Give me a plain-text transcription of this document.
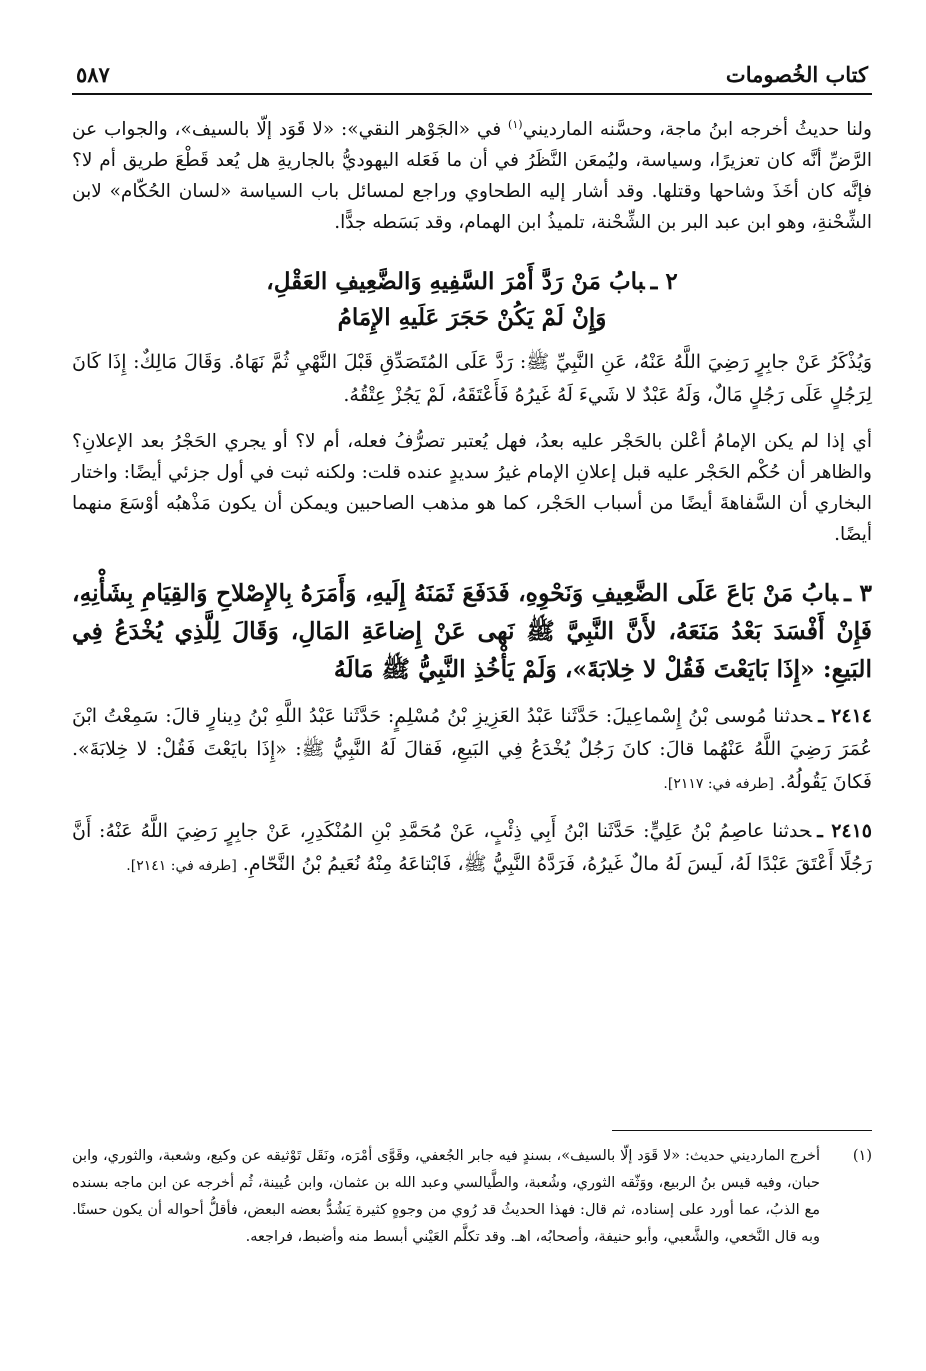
كتاب الخُصومات
٥٨٧

ولنا حديثُ أخرجه ابنُ ماجة، وحسَّنه المارديني$^{(١)}$ في «الجَوْهر النقي»: «لا قَوَد إلّا بالسيف»، والجواب عن الرَّضِّ أنَّه كان تعزيرًا، وسياسة، وليُمعَن النَّظَرُ في أن ما فَعَله اليهوديُّ بالجاريةِ هل يُعد قَطْعَ طريق أم لا؟ فإنَّه كان أخَذَ وشاحها وقتلها. وقد أشار إليه الطحاوي وراجع لمسائل باب السياسة «لسان الحُكّام» لابن الشِّحْنةِ، وهو ابن عبد البر بن الشِّحْنة، تلميذُ ابن الهمام، وقد بَسَطه جدًّا.

٢ ـبابُ مَنْ رَدَّ أَمْرَ السَّفِيهِ وَالضَّعِيفِ العَقْلِ،
وَإِنْ لَمْ يَكُنْ حَجَرَ عَلَيهِ الإِمَامُ

وَيُذْكَرُ عَنْ جابِرٍ رَضِيَ اللَّهُ عَنْهُ، عَنِ النَّبِيِّ ﷺ: رَدَّ عَلَى المُتَصَدِّقِ قَبْلَ النَّهْيِ ثُمَّ نَهَاهُ. وَقَالَ مَالِكٌ: إِذَا كَانَ لِرَجُلٍ عَلَى رَجُلٍ مَالٌ، وَلَهُ عَبْدٌ لا شَيءَ لَهُ غَيرُهُ فَأَعْتَقَهُ، لَمْ يَجُزْ عِتْقُهُ.

أي إذا لم يكن الإمامُ أعْلن بالحَجْر عليه بعدُ، فهل يُعتبر تصرُّفُ فعله، أم لا؟ أو يجري الحَجْرُ بعد الإعلانِ؟ والظاهر أن حُكْم الحَجْر عليه قبل إعلانِ الإمام غيرُ سديدٍ عنده قلت: ولكنه ثبت في أول جزئي أيضًا: واختار البخاري أن السَّفاهةَ أيضًا من أسباب الحَجْر، كما هو مذهب الصاحبين ويمكن أن يكون مَذْهبُه أوْسَعَ منهما أيضًا.

٣ ـبابُ مَنْ بَاعَ عَلَى الضَّعِيفِ وَنَحْوِهِ، فَدَفَعَ ثَمَنَهُ إِلَيهِ، وَأَمَرَهُ بِالإِصْلاحِ وَالقِيَامِ بِشَأْنِهِ، فَإِنْ أَفْسَدَ بَعْدُ مَنَعَهُ، لأَنَّ النَّبِيَّ ﷺ نَهى عَنْ إِضاعَةِ المَالِ، وَقَالَ لِلَّذِي يُخْدَعُ فِي البَيعِ: «إِذَا بَايَعْتَ فَقُلْ لا خِلابَةَ»، وَلَمْ يَأْخُذِ النَّبِيُّ ﷺ مَالَهُ

٢٤١٤ ـحدثنا مُوسى بْنُ إِسْماعِيلَ: حَدَّثَنا عَبْدُ العَزِيزِ بْنُ مُسْلِمٍ: حَدَّثَنا عَبْدُ اللَّهِ بْنُ دِينارٍ قالَ: سَمِعْتُ ابْنَ عُمَرَ رَضِيَ اللَّهُ عَنْهُما قالَ: كانَ رَجُلٌ يُخْدَعُ فِي البَيعِ، فَقالَ لَهُ النَّبِيُّ ﷺ: «إِذَا بايَعْتَ فَقُلْ: لا خِلابَةَ». فَكانَ يَقُولُهُ.[طرفه في: ٢١١٧].

٢٤١٥ ـحدثنا عاصِمُ بْنُ عَلِيٍّ: حَدَّثَنا ابْنُ أَبِي ذِئْبٍ، عَنْ مُحَمَّدِ بْنِ المُنْكَدِرِ، عَنْ جابِرٍ رَضِيَ اللَّهُ عَنْهُ: أَنَّ رَجُلًا أَعْتَقَ عَبْدًا لَهُ، لَيسَ لَهُ مالٌ غَيرُهُ، فَرَدَّهُ النَّبِيُّ ﷺ، فَابْتاعَهُ مِنْهُ نُعَيمُ بْنُ النَّحّامِ.[طرفه في: ٢١٤١].

(١)
أخرج المارديني حديث: «لا قَوَد إلّا بالسيف»، بسندٍ فيه جابر الجُعفي، وقَوَّى أمْرَه، ونَقَل تَوْثيقه عن وكيع، وشعبة، والثوري، وابن حبان، وفيه قيس بنُ الربيع، ووَثّقه الثوري، وشُعبة، والطَّيالسي وعبد الله بن عثمان، وابن عُيينة، ثُم أخرجه عن ابن ماجه بسنده مع الذبُ، عما أورد على إسناده، ثم قال: فهذا الحديثُ قد رُوي من وجوهٍ كثيرة يَشُدُّ بعضه البعض، فأقلُّ أحواله أن يكون حسنًا. وبه قال النَّخعي، والشَّعبي، وأبو حنيفة، وأصحابُه، اهـ. وقد تكلَّم العَيْني أبسط منه وأضبط، فراجعه.
